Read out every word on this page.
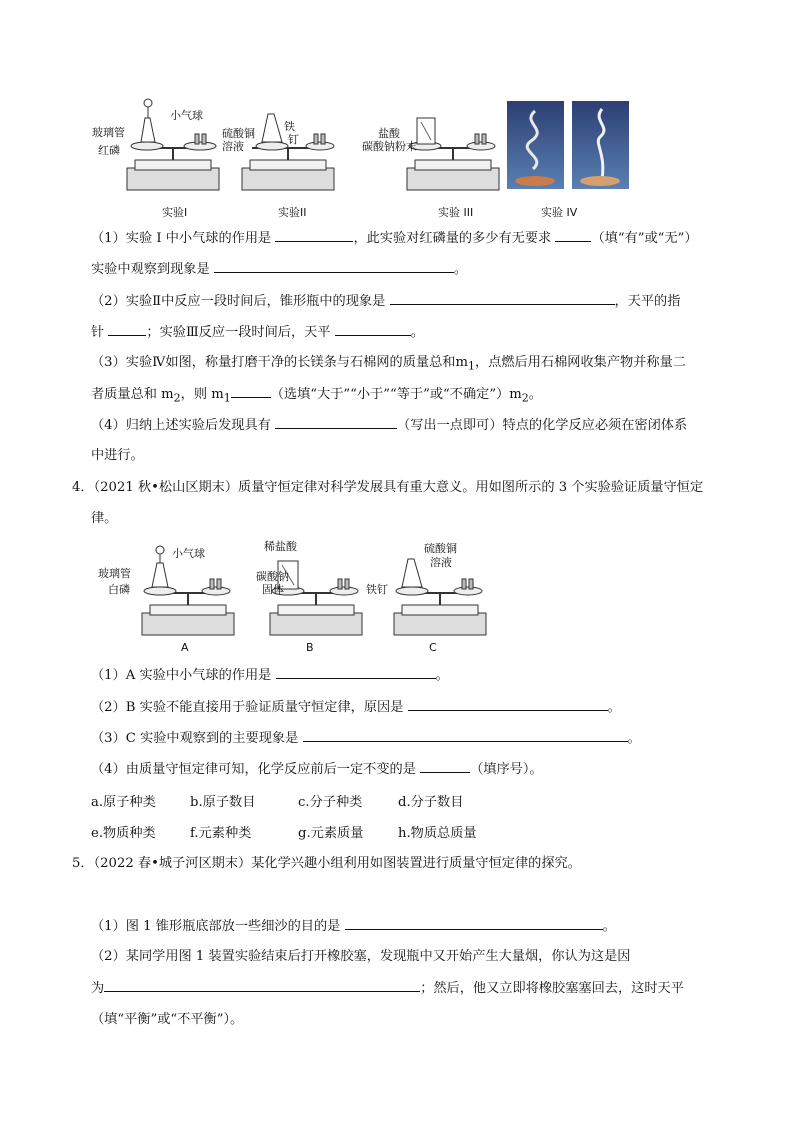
小气球
玻璃管
红磷
硫酸铜
溶液
铁
钉	盐酸
碳酸钠粉末
实验I	实验II	实验 III	实验 IV
（1）实验 I 中小气球的作用是	，此实验对红磷量的多少有无要求	（填“有”或“无”）
实验中观察到现象是	。
（2）实验Ⅱ中反应一段时间后，锥形瓶中的现象是	，天平的指
针	；实验Ⅲ反应一段时间后，天平	。
（3）实验Ⅳ如图，称量打磨干净的长镁条与石棉网的质量总和$m_1$，点燃后用石棉网收集产物并称量二
者质量总和 $m_2$，则 $m_1$	（选填“大于”“小于”“等于”或“不确定$”)m_2$。
（4）归纳上述实验后发现具有	（写出一点即可）特点的化学反应必须在密闭体系
中进行。
4．（2021 秋•松山区期末）质量守恒定律对科学发展具有重大意义。用如图所示的 3 个实验验证质量守恒定
律。
小气球
玻璃管
白磷
稀盐酸
碳酸钠
固体
硫酸铜
溶液
铁钉
A	B	C
（1）A 实验中小气球的作用是	。
（2）B 实验不能直接用于验证质量守恒定律，原因是	。
（3）C 实验中观察到的主要现象是	。
（4）由质量守恒定律可知，化学反应前后一定不变的是	（填序号）。
a.原子种类	b.原子数目	c.分子种类	d.分子数目
e.物质种类	f.元素种类	g.元素质量	h.物质总质量
5．（2022 春•城子河区期末）某化学兴趣小组利用如图装置进行质量守恒定律的探究。
（1）图 1 锥形瓶底部放一些细沙的目的是	。
（2）某同学用图 1 装置实验结束后打开橡胶塞，发现瓶中又开始产生大量烟，你认为这是因
为	；然后，他又立即将橡胶塞塞回去，这时天平
（填“平衡”或“不平衡”）。
